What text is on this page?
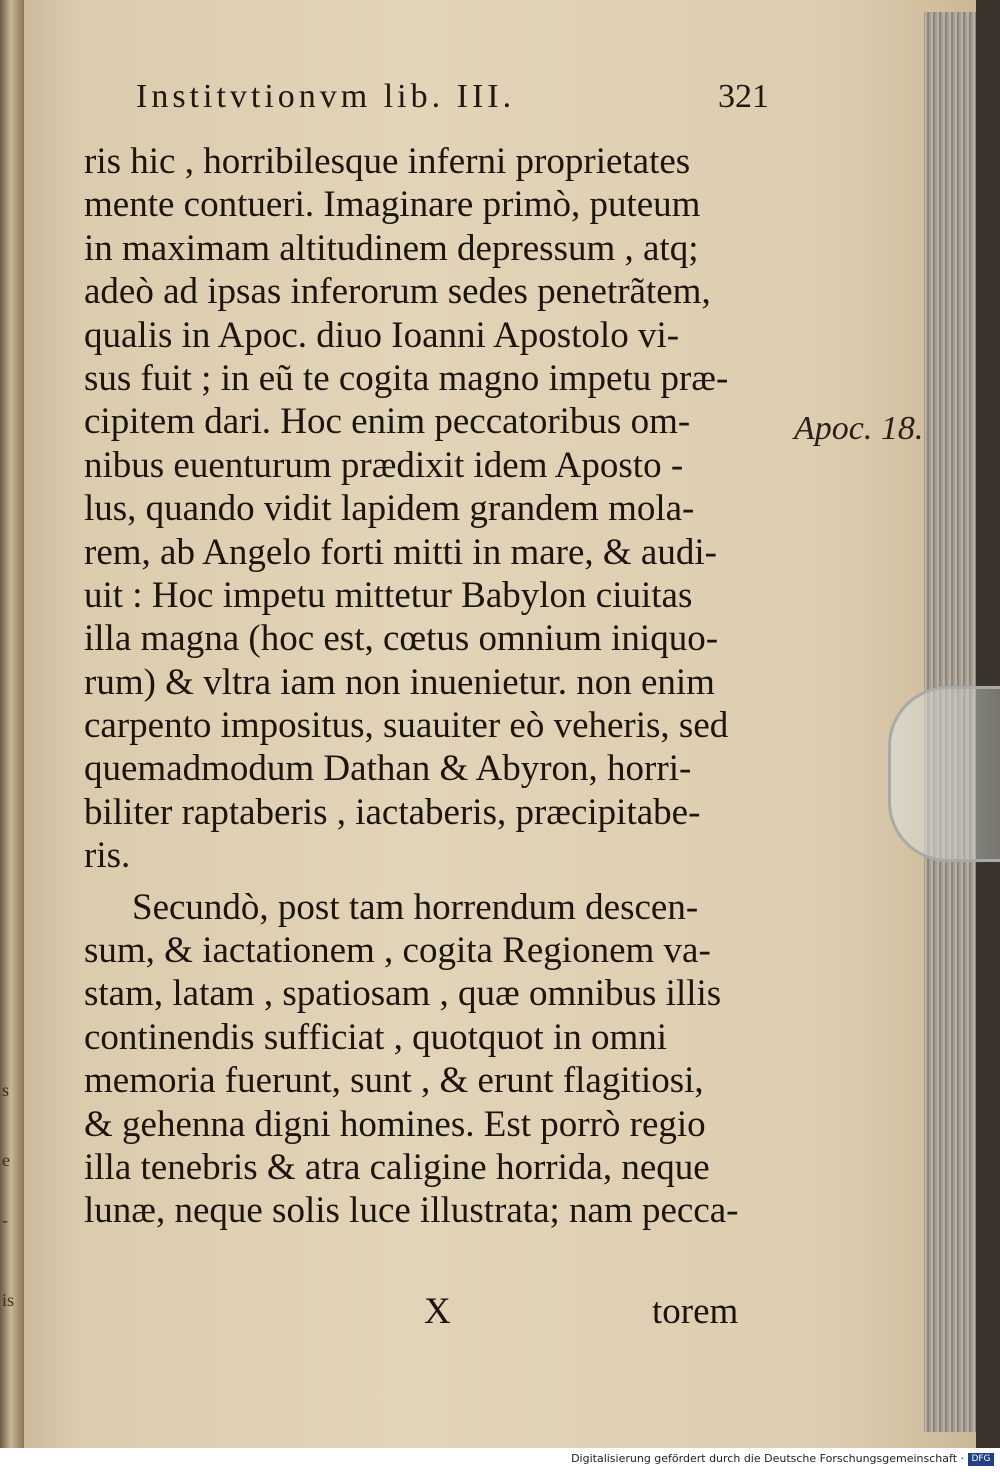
s
e
-
is
Institvtionvm lib. III.	321
ris hic , horribilesque inferni proprietates
mente contueri. Imaginare primò, puteum
in maximam altitudinem depressum , atq;
adeò ad ipsas inferorum sedes penetrãtem,
qualis in Apoc. diuo Ioanni Apostolo vi-
sus fuit ; in eũ te cogita magno impetu præ-
cipitem dari. Hoc enim peccatoribus om-
nibus euenturum prædixit idem Aposto -
lus, quando vidit lapidem grandem mola-
rem, ab Angelo forti mitti in mare, & audi-
uit : Hoc impetu mittetur Babylon ciuitas
illa magna (hoc est, cœtus omnium iniquo-
rum) & vltra iam non inuenietur. non enim
carpento impositus, suauiter eò veheris, sed
quemadmodum Dathan & Abyron, horri-
biliter raptaberis , iactaberis, præcipitabe-
ris.
Secundò, post tam horrendum descen-
sum, & iactationem , cogita Regionem va-
stam, latam , spatiosam , quæ omnibus illis
continendis sufficiat , quotquot in omni
memoria fuerunt, sunt , & erunt flagitiosi,
& gehenna digni homines. Est porrò regio
illa tenebris & atra caligine horrida, neque
lunæ, neque solis luce illustrata; nam pecca-
Apoc. 18.
X	torem
Digitalisierung gefördert durch die Deutsche Forschungsgemeinschaft · DFG
